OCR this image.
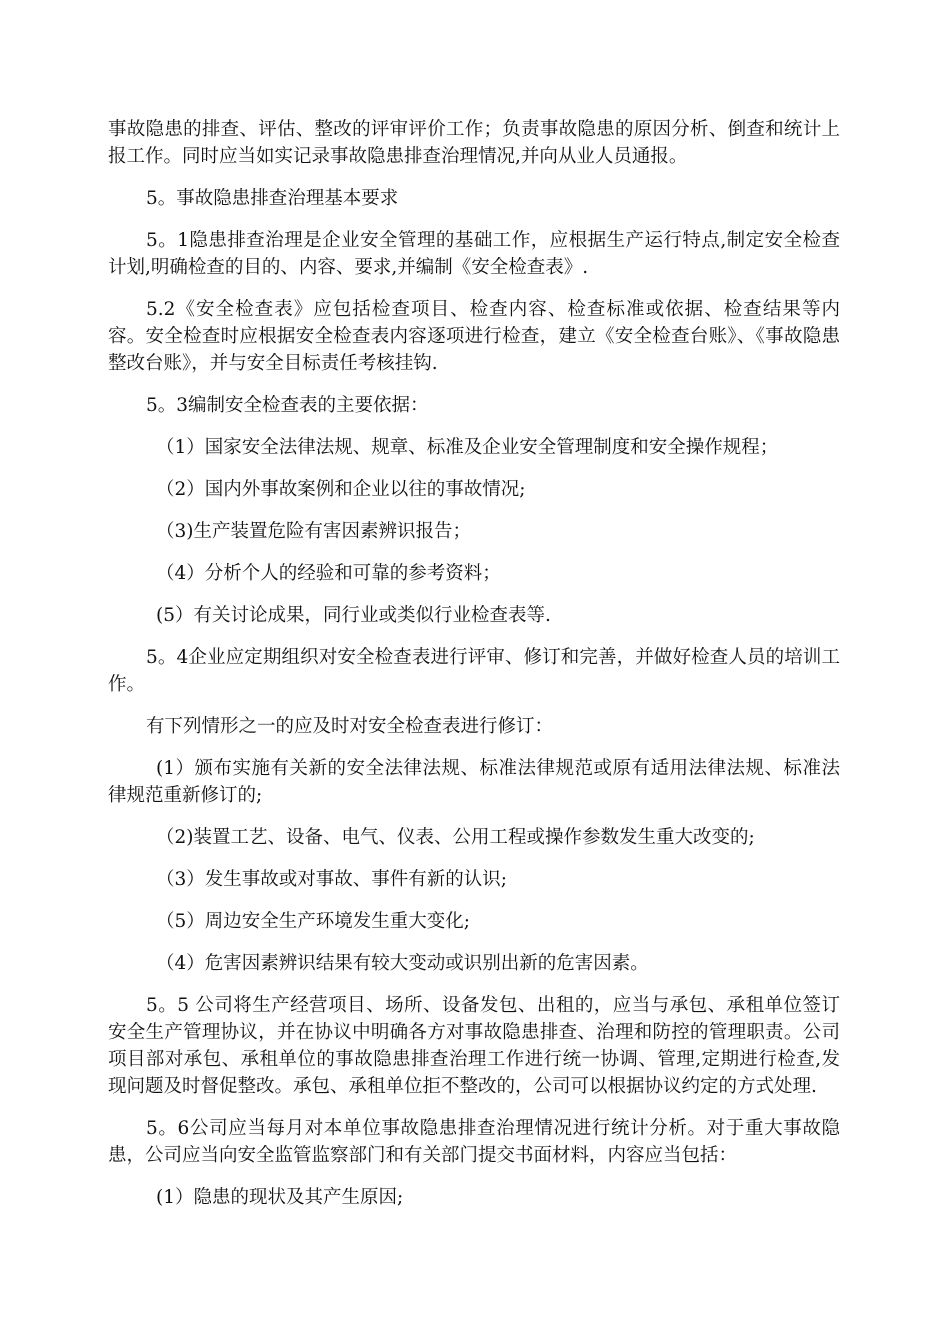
事故隐患的排查、评估、整改的评审评价工作；负责事故隐患的原因分析、倒查和统计上报工作。同时应当如实记录事故隐患排查治理情况,并向从业人员通报。

5。事故隐患排查治理基本要求

5。1隐患排查治理是企业安全管理的基础工作，应根据生产运行特点,制定安全检查计划,明确检查的目的、内容、要求,并编制《安全检查表》.

5.2《安全检查表》应包括检查项目、检查内容、检查标准或依据、检查结果等内容。安全检查时应根据安全检查表内容逐项进行检查，建立《安全检查台账》、《事故隐患整改台账》，并与安全目标责任考核挂钩.

5。3编制安全检查表的主要依据：

（1）国家安全法律法规、规章、标准及企业安全管理制度和安全操作规程；

（2）国内外事故案例和企业以往的事故情况;

（3)生产装置危险有害因素辨识报告；

（4）分析个人的经验和可靠的参考资料；

(5）有关讨论成果，同行业或类似行业检查表等.

5。4企业应定期组织对安全检查表进行评审、修订和完善，并做好检查人员的培训工作。

有下列情形之一的应及时对安全检查表进行修订：

(1）颁布实施有关新的安全法律法规、标准法律规范或原有适用法律法规、标准法律规范重新修订的;

（2)装置工艺、设备、电气、仪表、公用工程或操作参数发生重大改变的;

（3）发生事故或对事故、事件有新的认识;

（5）周边安全生产环境发生重大变化;

（4）危害因素辨识结果有较大变动或识别出新的危害因素。

5。5 公司将生产经营项目、场所、设备发包、出租的，应当与承包、承租单位签订安全生产管理协议，并在协议中明确各方对事故隐患排查、治理和防控的管理职责。公司项目部对承包、承租单位的事故隐患排查治理工作进行统一协调、管理,定期进行检查,发现问题及时督促整改。承包、承租单位拒不整改的，公司可以根据协议约定的方式处理.

5。6公司应当每月对本单位事故隐患排查治理情况进行统计分析。对于重大事故隐患，公司应当向安全监管监察部门和有关部门提交书面材料，内容应当包括：

(1）隐患的现状及其产生原因;
